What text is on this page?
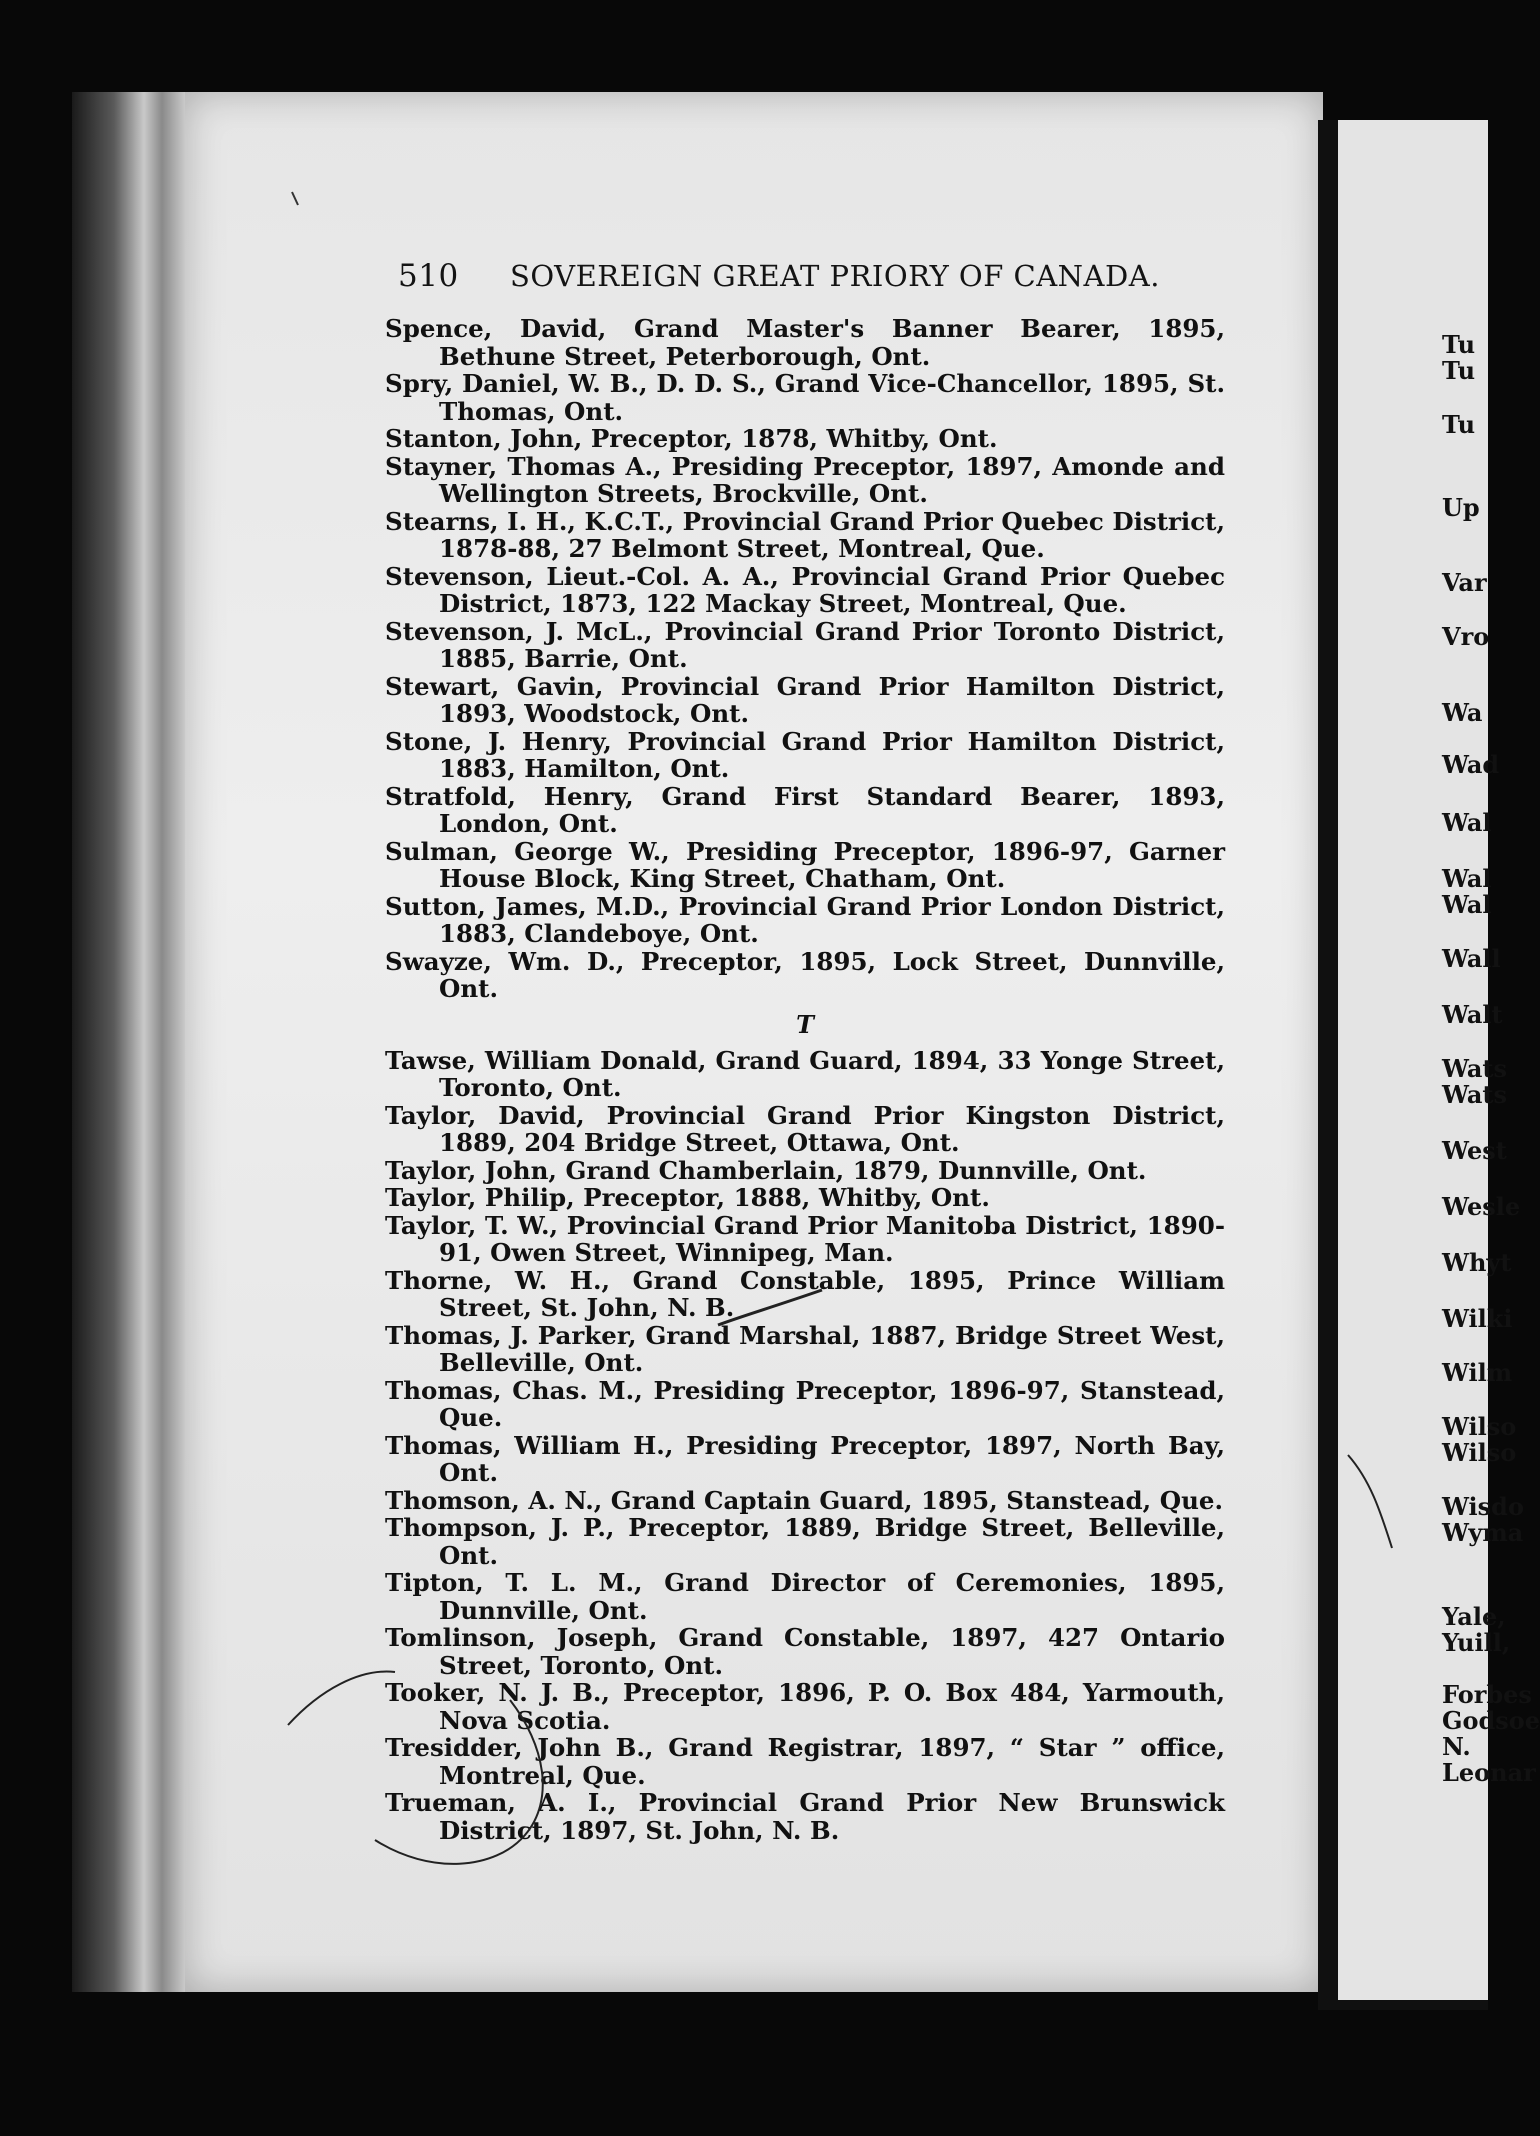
510 SOVEREIGN GREAT PRIORY OF CANADA.

Spence, David, Grand Master's Banner Bearer, 1895, Bethune Street, Peterborough, Ont.

Spry, Daniel, W. B., D. D. S., Grand Vice-Chancellor, 1895, St. Thomas, Ont.

Stanton, John, Preceptor, 1878, Whitby, Ont.

Stayner, Thomas A., Presiding Preceptor, 1897, Amonde and Wellington Streets, Brockville, Ont.

Stearns, I. H., K.C.T., Provincial Grand Prior Quebec District, 1878-88, 27 Belmont Street, Montreal, Que.

Stevenson, Lieut.-Col. A. A., Provincial Grand Prior Quebec District, 1873, 122 Mackay Street, Montreal, Que.

Stevenson, J. McL., Provincial Grand Prior Toronto District, 1885, Barrie, Ont.

Stewart, Gavin, Provincial Grand Prior Hamilton District, 1893, Woodstock, Ont.

Stone, J. Henry, Provincial Grand Prior Hamilton District, 1883, Hamilton, Ont.

Stratfold, Henry, Grand First Standard Bearer, 1893, London, Ont.

Sulman, George W., Presiding Preceptor, 1896-97, Garner House Block, King Street, Chatham, Ont.

Sutton, James, M.D., Provincial Grand Prior London District, 1883, Clandeboye, Ont.

Swayze, Wm. D., Preceptor, 1895, Lock Street, Dunnville, Ont.

T

Tawse, William Donald, Grand Guard, 1894, 33 Yonge Street, Toronto, Ont.

Taylor, David, Provincial Grand Prior Kingston District, 1889, 204 Bridge Street, Ottawa, Ont.

Taylor, John, Grand Chamberlain, 1879, Dunnville, Ont.

Taylor, Philip, Preceptor, 1888, Whitby, Ont.

Taylor, T. W., Provincial Grand Prior Manitoba District, 1890-91, Owen Street, Winnipeg, Man.

Thorne, W. H., Grand Constable, 1895, Prince William Street, St. John, N. B.

Thomas, J. Parker, Grand Marshal, 1887, Bridge Street West, Belleville, Ont.

Thomas, Chas. M., Presiding Preceptor, 1896-97, Stanstead, Que.

Thomas, William H., Presiding Preceptor, 1897, North Bay, Ont.

Thomson, A. N., Grand Captain Guard, 1895, Stanstead, Que.

Thompson, J. P., Preceptor, 1889, Bridge Street, Belleville, Ont.

Tipton, T. L. M., Grand Director of Ceremonies, 1895, Dunnville, Ont.

Tomlinson, Joseph, Grand Constable, 1897, 427 Ontario Street, Toronto, Ont.

Tooker, N. J. B., Preceptor, 1896, P. O. Box 484, Yarmouth, Nova Scotia.

Tresidder, John B., Grand Registrar, 1897, “ Star ” office, Montreal, Que.

Trueman, A. I., Provincial Grand Prior New Brunswick District, 1897, St. John, N. B.

Tu
Tu
Tu
Up
Var
Vro
Wa
Wad
Wal
Wal
Wal
Wall
Walt
Wats
Wats
West
Wesle
Whyt
Wilki
Wilm
Wilso
Wilso
Wisdo
Wyma
Yale,
Yuill,
Forbes
Godsoe
N.
Leonar
